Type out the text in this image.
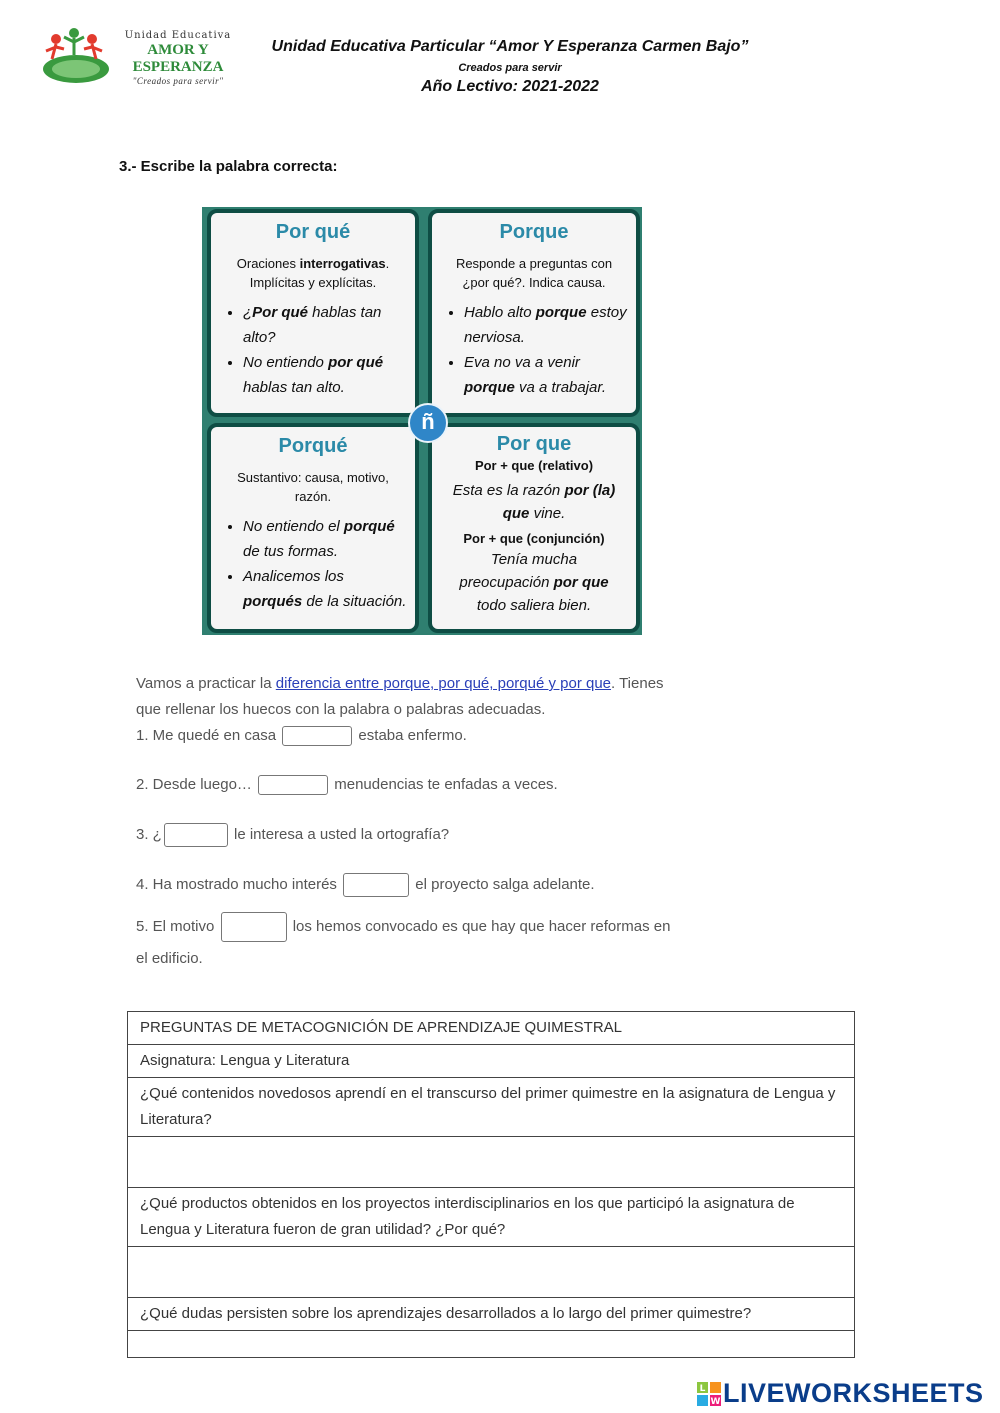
Unidad Educativa
AMOR Y ESPERANZA
"Creados para servir"
Unidad Educativa Particular “Amor Y Esperanza Carmen Bajo”
Creados para servir
Año Lectivo: 2021-2022
3.- Escribe la palabra correcta:
Por qué
Oraciones interrogativas. Implícitas y explícitas.
• ¿Por qué hablas tan alto?
• No entiendo por qué hablas tan alto.
Porque
Responde a preguntas con ¿por qué?. Indica causa.
• Hablo alto porque estoy nerviosa.
• Eva no va a venir porque va a trabajar.
Porqué
Sustantivo: causa, motivo, razón.
• No entiendo el porqué de tus formas.
• Analicemos los porqués de la situación.
Por que
Por + que (relativo)
Esta es la razón por (la) que vine.
Por + que (conjunción)
Tenía mucha preocupación por que todo saliera bien.
ñ
Vamos a practicar la diferencia entre porque, por qué, porqué y por que. Tienes
que rellenar los huecos con la palabra o palabras adecuadas.
1. Me quedé en casa	estaba enfermo.
2. Desde luego…	menudencias te enfadas a veces.
3. ¿	le interesa a usted la ortografía?
4. Ha mostrado mucho interés	el proyecto salga adelante.
5. El motivo	los hemos convocado es que hay que hacer reformas en
el edificio.
PREGUNTAS DE METACOGNICIÓN DE APRENDIZAJE QUIMESTRAL
Asignatura: Lengua y Literatura
¿Qué contenidos novedosos aprendí en el transcurso del primer quimestre en la asignatura de Lengua y Literatura?

¿Qué productos obtenidos en los proyectos interdisciplinarios en los que participó la asignatura de Lengua y Literatura fueron de gran utilidad? ¿Por qué?

¿Qué dudas persisten sobre los aprendizajes desarrollados a lo largo del primer quimestre?

L
W LIVEWORKSHEETS
